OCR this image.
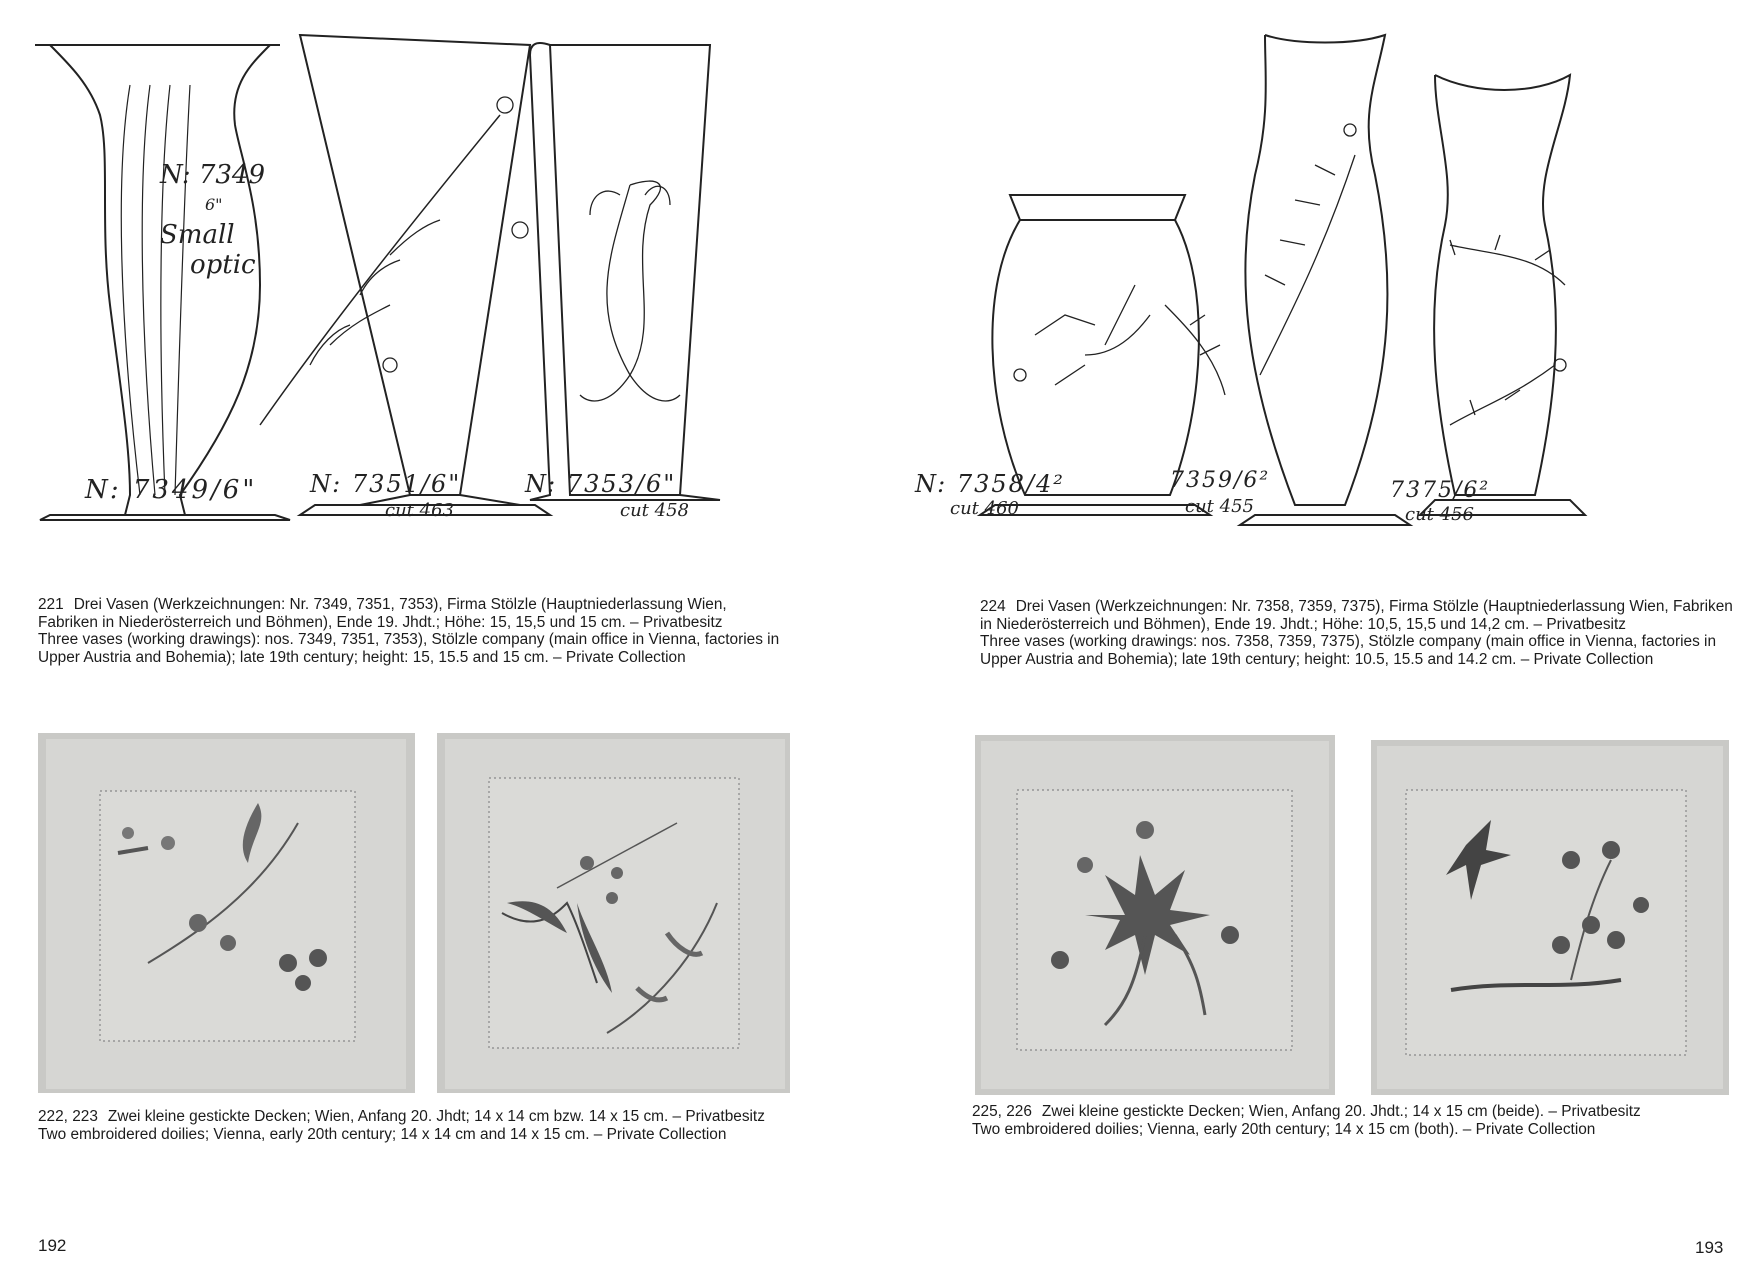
N: 7349
6"
Small
optic
N: 7349/6" N: 7351/6"
cut 463
N: 7353/6"
cut 458

221 Drei Vasen (Werkzeichnungen: Nr. 7349, 7351, 7353), Firma Stölzle (Hauptniederlassung Wien, Fabriken in Niederösterreich und Böhmen), Ende 19. Jhdt.; Höhe: 15, 15,5 und 15 cm. – Privatbesitz

Three vases (working drawings): nos. 7349, 7351, 7353), Stölzle company (main office in Vienna, factories in Upper Austria and Bohemia); late 19th century; height: 15, 15.5 and 15 cm. – Private Collection

222, 223 Zwei kleine gestickte Decken; Wien, Anfang 20. Jhdt; 14 x 14 cm bzw. 14 x 15 cm. – Privatbesitz

Two embroidered doilies; Vienna, early 20th century; 14 x 14 cm and 14 x 15 cm. – Private Collection

192
N: 7358/4²
cut 460
7359/6²
cut 455
7375/6²
cut 456

224 Drei Vasen (Werkzeichnungen: Nr. 7358, 7359, 7375), Firma Stölzle (Hauptniederlassung Wien, Fabriken in Niederösterreich und Böhmen), Ende 19. Jhdt.; Höhe: 10,5, 15,5 und 14,2 cm. – Privatbesitz

Three vases (working drawings: nos. 7358, 7359, 7375), Stölzle company (main office in Vienna, factories in Upper Austria and Bohemia); late 19th century; height: 10.5, 15.5 and 14.2 cm. – Private Collection

225, 226 Zwei kleine gestickte Decken; Wien, Anfang 20. Jhdt.; 14 x 15 cm (beide). – Privatbesitz

Two embroidered doilies; Vienna, early 20th century; 14 x 15 cm (both). – Private Collection

193
